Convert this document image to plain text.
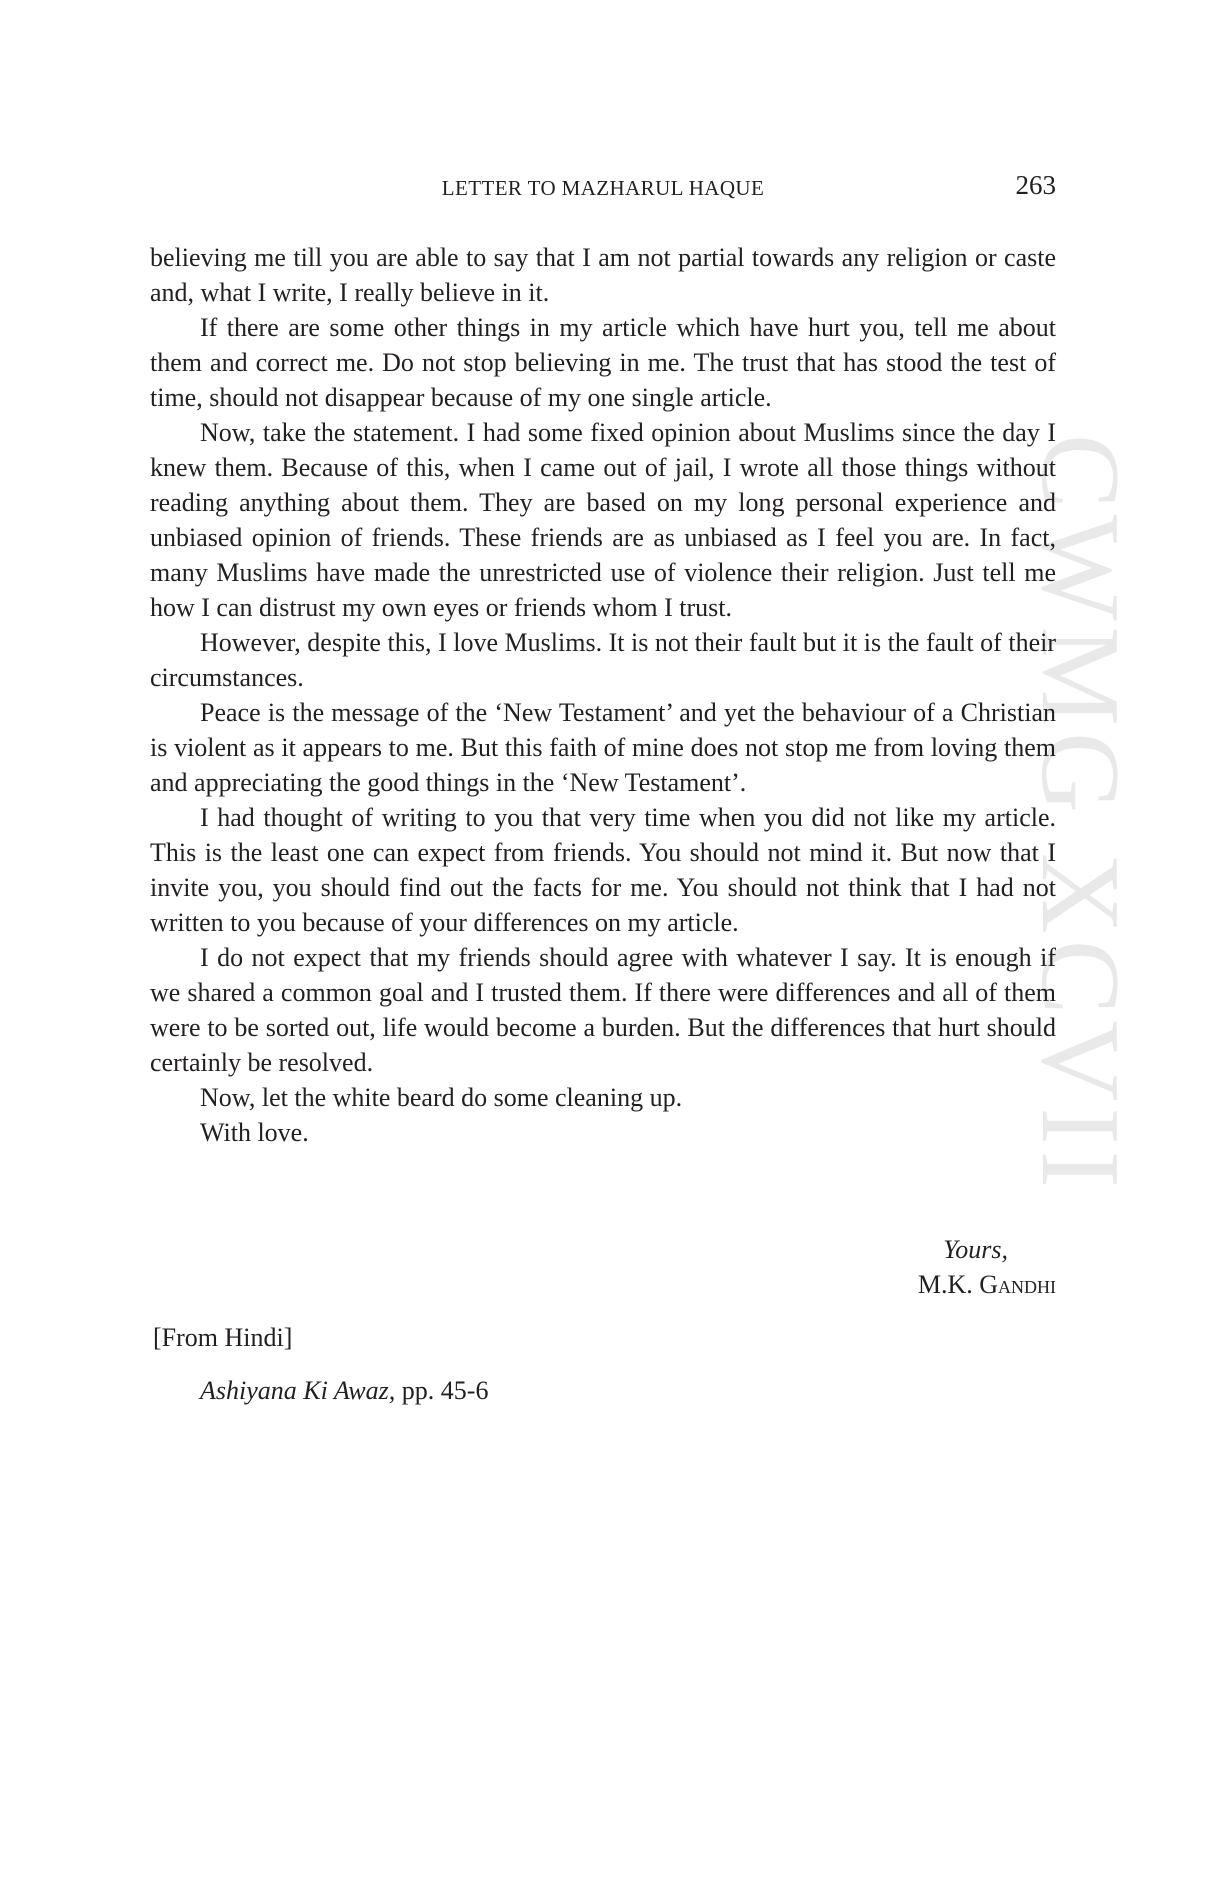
LETTER TO MAZHARUL HAQUE	263
CWMG XCVII

believing me till you are able to say that I am not partial towards any religion or caste and, what I write, I really believe in it.

If there are some other things in my article which have hurt you, tell me about them and correct me. Do not stop believing in me. The trust that has stood the test of time, should not disappear because of my one single article.

Now, take the statement. I had some fixed opinion about Muslims since the day I knew them. Because of this, when I came out of jail, I wrote all those things without reading anything about them. They are based on my long personal experience and unbiased opinion of friends. These friends are as unbiased as I feel you are. In fact, many Muslims have made the unrestricted use of violence their religion. Just tell me how I can distrust my own eyes or friends whom I trust.

However, despite this, I love Muslims. It is not their fault but it is the fault of their circumstances.

Peace is the message of the ‘New Testament’ and yet the behaviour of a Christian is violent as it appears to me. But this faith of mine does not stop me from loving them and appreciating the good things in the ‘New Testament’.

I had thought of writing to you that very time when you did not like my article. This is the least one can expect from friends. You should not mind it. But now that I invite you, you should find out the facts for me. You should not think that I had not written to you because of your differences on my article.

I do not expect that my friends should agree with whatever I say. It is enough if we shared a common goal and I trusted them. If there were differences and all of them were to be sorted out, life would become a burden. But the differences that hurt should certainly be resolved.

Now, let the white beard do some cleaning up.

With love.

Yours,
M.K. Gandhi
[From Hindi]
Ashiyana Ki Awaz, pp. 45-6
